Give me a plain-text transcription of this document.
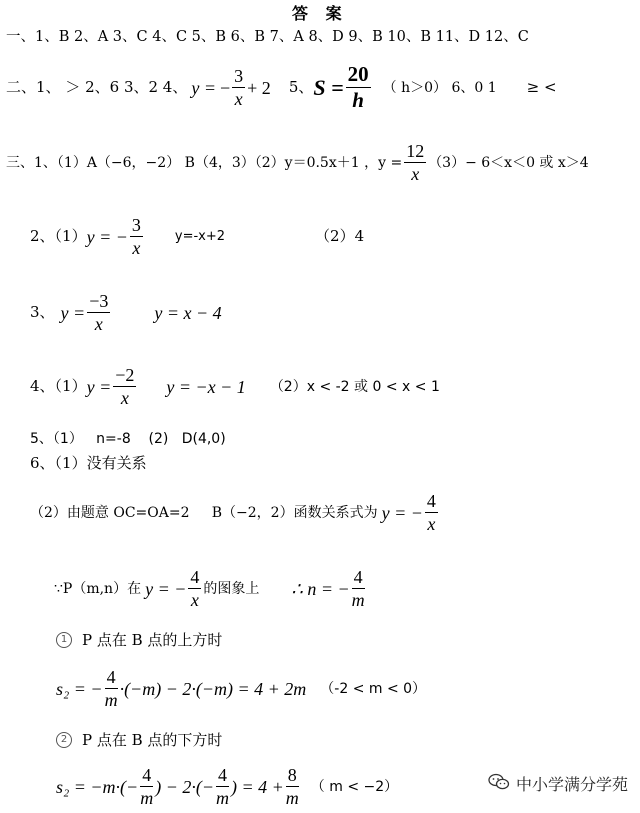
答 案
一、1、B 2、A 3、C 4、C 5、B 6、B 7、A 8、D 9、B 10、B 11、D 12、C
二、 1、 ＞ 2、6 3、2 4、 y = − $\frac{3}{x} + 2$ 5、 $S = \frac{20}{h}$ （ h＞0） 6、0 1 ≥ <
三、 1、（1）A（−6，−2） B（4，3）（2）y＝0.5x＋1 ，$y = \frac{12}{x} (3)- 6<x<0$ 或 x＞4
2、（1） y = − $\frac{3}{x} y=-x+2$	（2）4
3、 $y = \frac{-3}{x}$ y = x − 4
4、（1） $y = \frac{-2}{x}$ y = −x − 1 （2）x < -2 或 0 < x < 1
5、（1）   n=-8    (2)   D(4,0)
6、（1）没有关系
（2）由题意 OC=OA=2     B（−2，2）函数关系式为 y = − $\frac{4}{x}$
∵P（m,n）在 y = − $\frac{4}{x}$ 的图象上 ∴ n = − $\frac{4}{m}$
1 P 点在 B 点的上方时
s₂ = − $\frac{4}{m} \cdot(-m) - 2\cdot(-m) = 4 + 2m$ （-2 < m < 0）
2 P 点在 B 点的下方时
$s_2 = -m\cdot(- \frac{4}{m}$ ) − $2\cdot(- \frac{4}{m}$ ) = $4 + \frac{8}{m}$ （ m < −2）	中小学满分学苑
